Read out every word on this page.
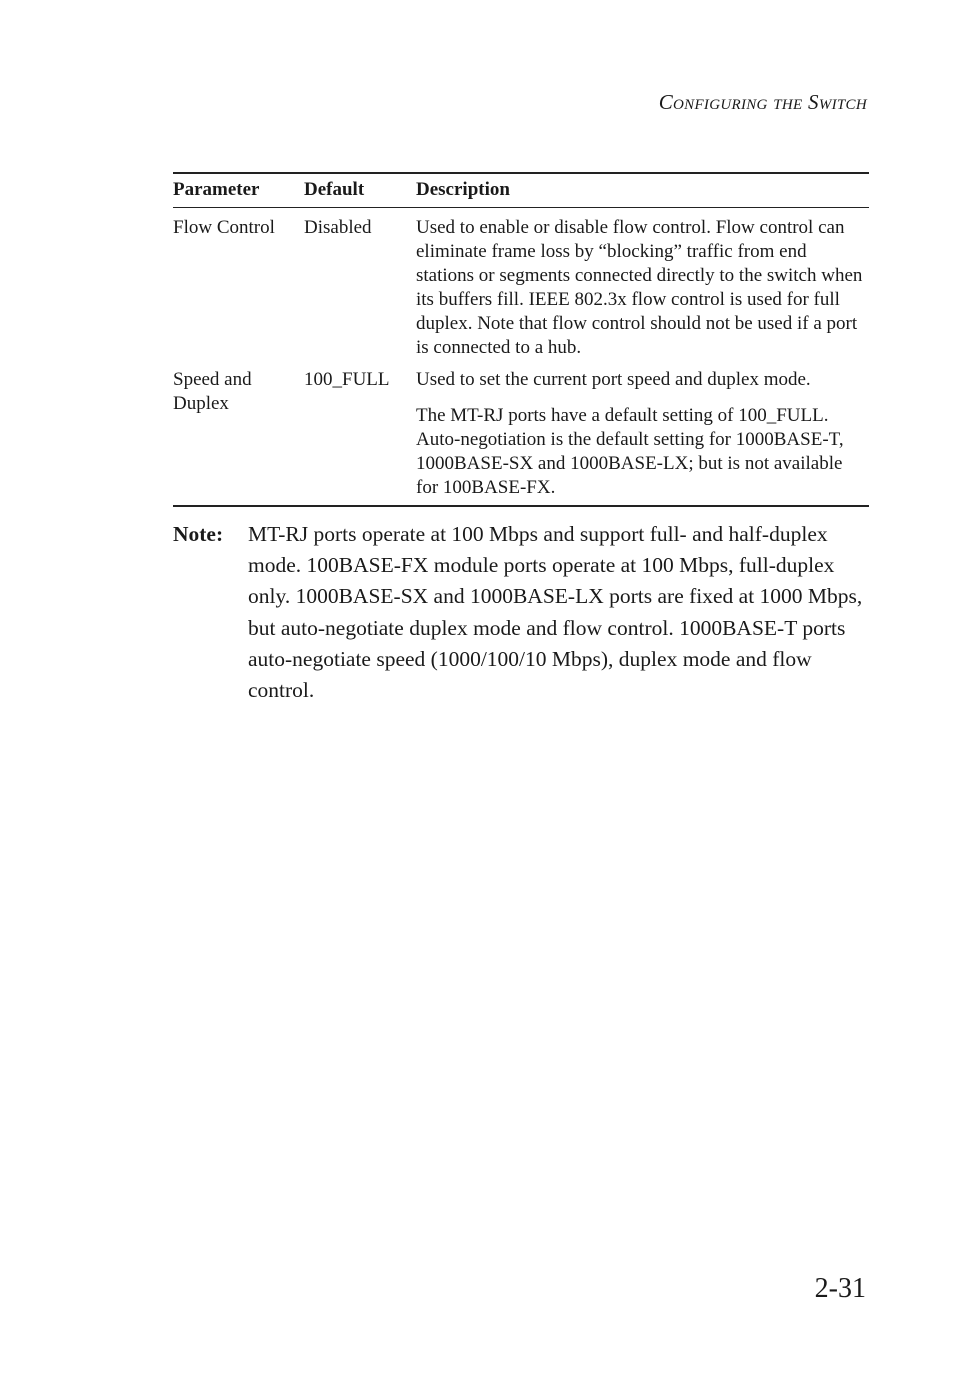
Configuring the Switch
Parameter	Default	Description
Flow Control	Disabled	Used to enable or disable flow control. Flow control can eliminate frame loss by “blocking” traffic from end stations or segments connected directly to the switch when its buffers fill. IEEE 802.3x flow control is used for full duplex. Note that flow control should not be used if a port is connected to a hub.

Speed and Duplex	100_FULL	Used to set the current port speed and duplex mode.

The MT-RJ ports have a default setting of 100_FULL. Auto-negotiation is the default setting for 1000BASE-T, 1000BASE-SX and 1000BASE-LX; but is not available for 100BASE-FX.

Note: MT-RJ ports operate at 100 Mbps and support full- and half-duplex mode. 100BASE-FX module ports operate at 100 Mbps, full-duplex only. 1000BASE-SX and 1000BASE-LX ports are fixed at 1000 Mbps, but auto-negotiate duplex mode and flow control. 1000BASE-T ports auto-negotiate speed (1000/100/10 Mbps), duplex mode and flow control.
2-31
